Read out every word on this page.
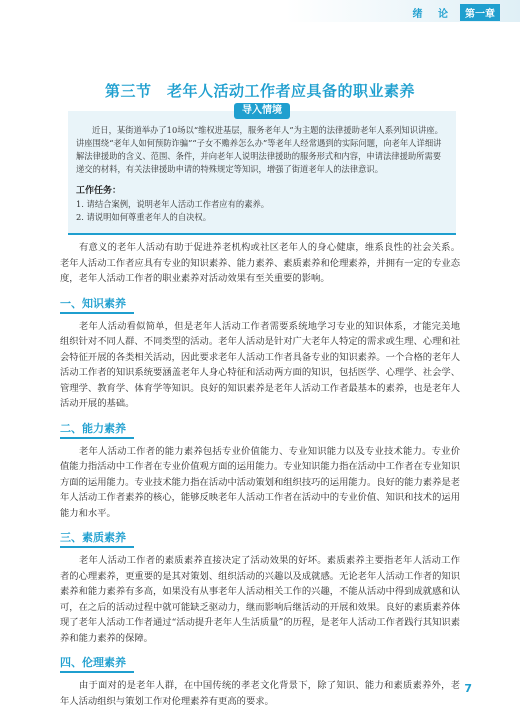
绪 论	第一章
第三节　老年人活动工作者应具备的职业素养
导入情境

近日，某街道举办了10场以“维权进基层，服务老年人”为主题的法律援助老年人系列知识讲座。讲座围绕“老年人如何预防诈骗”“子女不赡养怎么办”等老年人经常遇到的实际问题，向老年人详细讲解法律援助的含义、范围、条件，并向老年人说明法律援助的服务形式和内容，申请法律援助所需要递交的材料，有关法律援助申请的特殊规定等知识，增强了街道老年人的法律意识。

工作任务：
1. 请结合案例，说明老年人活动工作者应有的素养。
2. 请说明如何尊重老年人的自决权。

有意义的老年人活动有助于促进养老机构或社区老年人的身心健康，维系良性的社会关系。老年人活动工作者应具有专业的知识素养、能力素养、素质素养和伦理素养，并拥有一定的专业态度，老年人活动工作者的职业素养对活动效果有至关重要的影响。

一、知识素养

老年人活动看似简单，但是老年人活动工作者需要系统地学习专业的知识体系，才能完美地组织针对不同人群、不同类型的活动。老年人活动是针对广大老年人特定的需求或生理、心理和社会特征开展的各类相关活动，因此要求老年人活动工作者具备专业的知识素养。一个合格的老年人活动工作者的知识系统要涵盖老年人身心特征和活动两方面的知识，包括医学、心理学、社会学、管理学、教育学、体育学等知识。良好的知识素养是老年人活动工作者最基本的素养，也是老年人活动开展的基础。

二、能力素养

老年人活动工作者的能力素养包括专业价值能力、专业知识能力以及专业技术能力。专业价值能力指活动中工作者在专业价值观方面的运用能力。专业知识能力指在活动中工作者在专业知识方面的运用能力。专业技术能力指在活动中活动策划和组织技巧的运用能力。良好的能力素养是老年人活动工作者素养的核心，能够反映老年人活动工作者在活动中的专业价值、知识和技术的运用能力和水平。

三、素质素养

老年人活动工作者的素质素养直接决定了活动效果的好坏。素质素养主要指老年人活动工作者的心理素养，更重要的是其对策划、组织活动的兴趣以及成就感。无论老年人活动工作者的知识素养和能力素养有多高，如果没有从事老年人活动相关工作的兴趣，不能从活动中得到成就感和认可，在之后的活动过程中就可能缺乏驱动力，继而影响后继活动的开展和效果。良好的素质素养体现了老年人活动工作者通过“活动提升老年人生活质量”的历程，是老年人活动工作者践行其知识素养和能力素养的保障。

四、伦理素养

由于面对的是老年人群，在中国传统的孝老文化背景下，除了知识、能力和素质素养外，老年人活动组织与策划工作对伦理素养有更高的要求。

7
